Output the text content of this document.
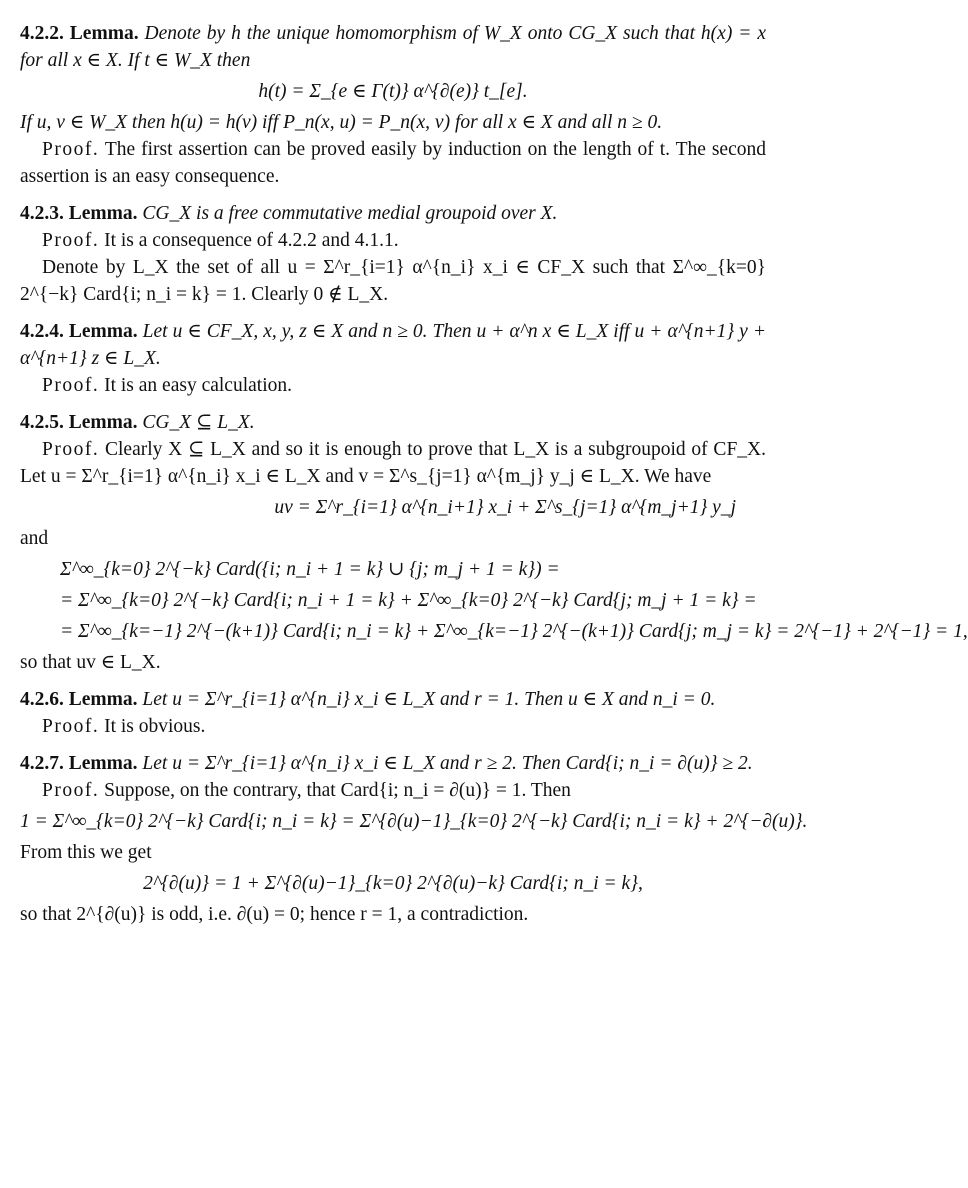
4.2.2. Lemma. Denote by h the unique homomorphism of W_X onto CG_X such that h(x) = x for all x ∈ X. If t ∈ W_X then
h(t) = Σ_{e ∈ Γ(t)} α^{∂(e)} t_[e].
If u, v ∈ W_X then h(u) = h(v) iff P_n(x, u) = P_n(x, v) for all x ∈ X and all n ≥ 0.
Proof. The first assertion can be proved easily by induction on the length of t. The second assertion is an easy consequence.
4.2.3. Lemma. CG_X is a free commutative medial groupoid over X.
Proof. It is a consequence of 4.2.2 and 4.1.1.
Denote by L_X the set of all u = Σ^r_{i=1} α^{n_i} x_i ∈ CF_X such that Σ^∞_{k=0} 2^{−k} Card{i; n_i = k} = 1. Clearly 0 ∉ L_X.
4.2.4. Lemma. Let u ∈ CF_X, x, y, z ∈ X and n ≥ 0. Then u + α^n x ∈ L_X iff u + α^{n+1} y + α^{n+1} z ∈ L_X.
Proof. It is an easy calculation.
4.2.5. Lemma. CG_X ⊆ L_X.
Proof. Clearly X ⊆ L_X and so it is enough to prove that L_X is a subgroupoid of CF_X. Let u = Σ^r_{i=1} α^{n_i} x_i ∈ L_X and v = Σ^s_{j=1} α^{m_j} y_j ∈ L_X. We have
uv = Σ^r_{i=1} α^{n_i+1} x_i + Σ^s_{j=1} α^{m_j+1} y_j
and
Σ^∞_{k=0} 2^{−k} Card({i; n_i + 1 = k} ∪ {j; m_j + 1 = k}) =
= Σ^∞_{k=0} 2^{−k} Card{i; n_i + 1 = k} + Σ^∞_{k=0} 2^{−k} Card{j; m_j + 1 = k} =
= Σ^∞_{k=−1} 2^{−(k+1)} Card{i; n_i = k} + Σ^∞_{k=−1} 2^{−(k+1)} Card{j; m_j = k} = 2^{−1} + 2^{−1} = 1,
so that uv ∈ L_X.
4.2.6. Lemma. Let u = Σ^r_{i=1} α^{n_i} x_i ∈ L_X and r = 1. Then u ∈ X and n_i = 0.
Proof. It is obvious.
4.2.7. Lemma. Let u = Σ^r_{i=1} α^{n_i} x_i ∈ L_X and r ≥ 2. Then Card{i; n_i = ∂(u)} ≥ 2.
Proof. Suppose, on the contrary, that Card{i; n_i = ∂(u)} = 1. Then
1 = Σ^∞_{k=0} 2^{−k} Card{i; n_i = k} = Σ^{∂(u)−1}_{k=0} 2^{−k} Card{i; n_i = k} + 2^{−∂(u)}.
From this we get
2^{∂(u)} = 1 + Σ^{∂(u)−1}_{k=0} 2^{∂(u)−k} Card{i; n_i = k},
so that 2^{∂(u)} is odd, i.e. ∂(u) = 0; hence r = 1, a contradiction.
